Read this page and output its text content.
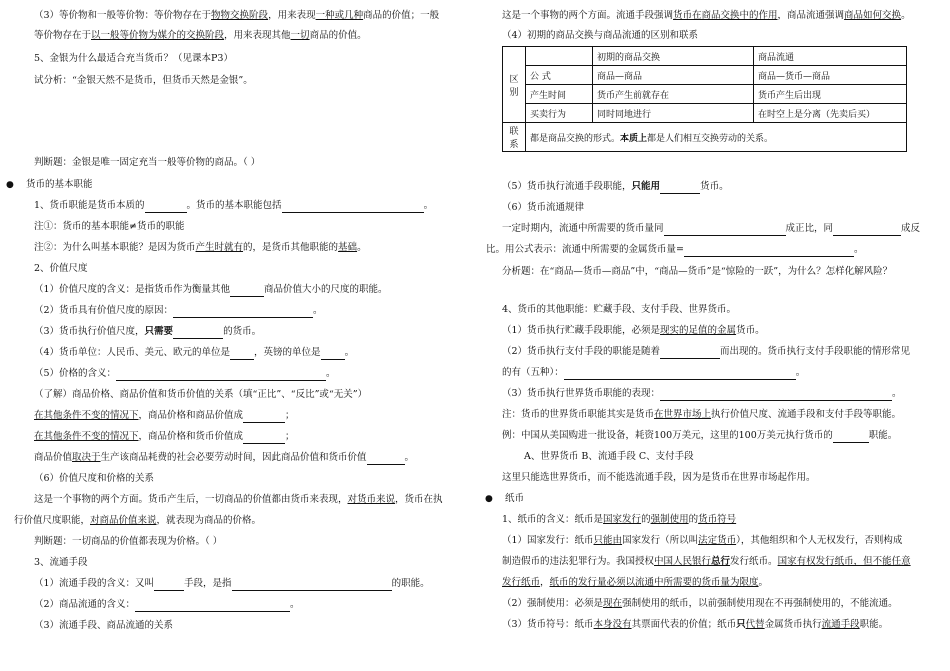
（3）等价物和一般等价物：等价物存在于物物交换阶段，用来表现一种或几种商品的价值；一般
等价物存在于以一般等价物为媒介的交换阶段，用来表现其他一切商品的价值。
5、金银为什么最适合充当货币？（见课本P3）
试分析：“金银天然不是货币，但货币天然是金银”。
判断题：金银是唯一固定充当一般等价物的商品。（ ）
● 货币的基本职能
1、货币职能是货币本质的	。货币的基本职能包括	。
注①：货币的基本职能≠货币的职能
注②：为什么叫基本职能？是因为货币产生时就有的，是货币其他职能的基础。
2、价值尺度
（1）价值尺度的含义：是指货币作为衡量其他	商品价值大小的尺度的职能。
（2）货币具有价值尺度的原因：	。
（3）货币执行价值尺度，只需要	的货币。
（4）货币单位：人民币、美元、欧元的单位是	，英镑的单位是	。
（5）价格的含义：	。
（了解）商品价格、商品价值和货币价值的关系（填“正比”、“反比”或“无关”）
在其他条件不变的情况下，商品价格和商品价值成	；
在其他条件不变的情况下，商品价格和货币价值成	；
商品价值取决于生产该商品耗费的社会必要劳动时间，因此商品价值和货币价值	。
（6）价值尺度和价格的关系
这是一个事物的两个方面。货币产生后，一切商品的价值都由货币来表现，对货币来说，货币在执
行价值尺度职能，对商品价值来说，就表现为商品的价格。
判断题：一切商品的价值都表现为价格。（ ）
3、流通手段
（1）流通手段的含义：又叫	手段，是指	的职能。
（2）商品流通的含义：	。
（3）流通手段、商品流通的关系
这是一个事物的两个方面。流通手段强调货币在商品交换中的作用，商品流通强调商品如何交换。
（4）初期的商品交换与商品流通的区别和联系
区别		初期的商品交换	商品流通
	公 式	商品—商品	商品—货币—商品
	产生时间	货币产生前就存在	货币产生后出现
	买卖行为	同时同地进行	在时空上是分离（先卖后买）
联系	都是商品交换的形式。本质上都是人们相互交换劳动的关系。		
（5）货币执行流通手段职能，只能用	货币。
（6）货币流通规律
一定时期内，流通中所需要的货币量同	成正比，同	成反
比。用公式表示：流通中所需要的金属货币量=	。
分析题：在“商品—货币—商品”中，“商品—货币”是“惊险的一跃”，为什么？怎样化解风险？
4、货币的其他职能：贮藏手段、支付手段、世界货币。
（1）货币执行贮藏手段职能，必须是现实的足值的金属货币。
（2）货币执行支付手段的职能是随着	而出现的。货币执行支付手段职能的情形常见
的有（五种）：	。
（3）货币执行世界货币职能的表现：	。
注：货币的世界货币职能其实是货币在世界市场上执行价值尺度、流通手段和支付手段等职能。
例：中国从美国购进一批设备，耗资100万美元，这里的100万美元执行货币的	职能。
A、世界货币 B、流通手段 C、支付手段
这里只能选世界货币，而不能选流通手段，因为是货币在世界市场起作用。
● 纸币
1、纸币的含义：纸币是国家发行的强制使用的货币符号
（1）国家发行：纸币只能由国家发行（所以叫法定货币），其他组织和个人无权发行，否则构成
制造假币的违法犯罪行为。我国授权中国人民银行总行发行纸币。国家有权发行纸币，但不能任意
发行纸币，纸币的发行量必须以流通中所需要的货币量为限度。
（2）强制使用：必须是现在强制使用的纸币，以前强制使用现在不再强制使用的，不能流通。
（3）货币符号：纸币本身没有其票面代表的价值；纸币只代替金属货币执行流通手段职能。
